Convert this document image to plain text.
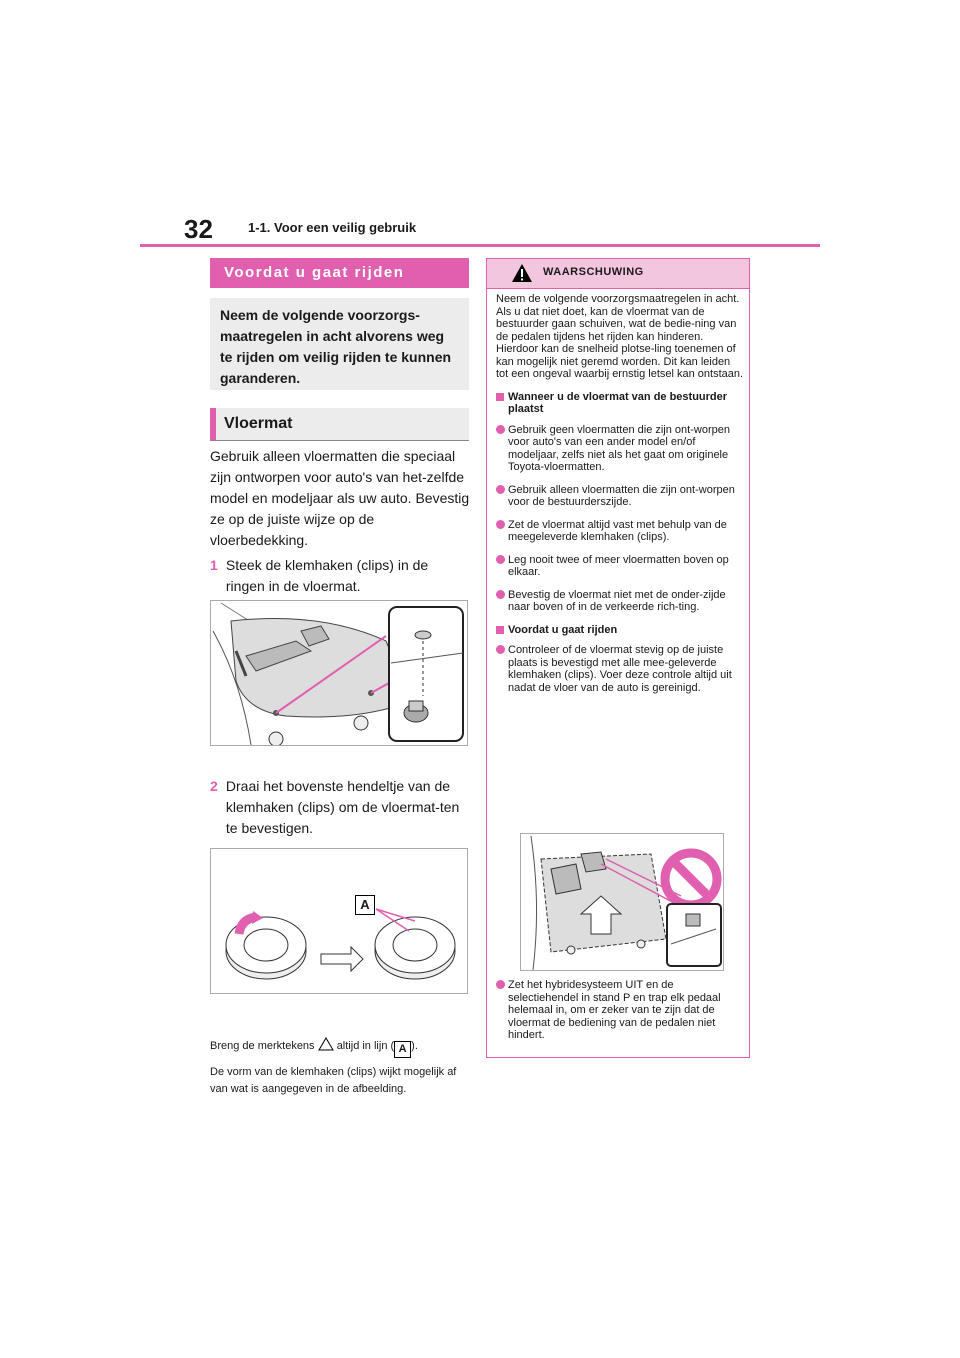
32	1-1. Voor een veilig gebruik
Voordat u gaat rijden
Neem de volgende voorzorgs-maatregelen in acht alvorens weg te rijden om veilig rijden te kunnen garanderen.
Vloermat
Gebruik alleen vloermatten die speciaal zijn ontworpen voor auto's van het-zelfde model en modeljaar als uw auto. Bevestig ze op de juiste wijze op de vloerbedekking.
1 Steek de klemhaken (clips) in de ringen in de vloermat.
2 Draai het bovenste hendeltje van de klemhaken (clips) om de vloermat-ten te bevestigen.
A

Breng de merktekens altijd in lijn ( A ).

De vorm van de klemhaken (clips) wijkt mogelijk af van wat is aangegeven in de afbeelding.

WAARSCHUWING

Neem de volgende voorzorgsmaatregelen in acht.
Als u dat niet doet, kan de vloermat van de bestuurder gaan schuiven, wat de bedie-ning van de pedalen tijdens het rijden kan hinderen. Hierdoor kan de snelheid plotse-ling toenemen of kan mogelijk niet geremd worden. Dit kan leiden tot een ongeval waarbij ernstig letsel kan ontstaan.

Wanneer u de vloermat van de bestuurder plaatst
Gebruik geen vloermatten die zijn ont-worpen voor auto's van een ander model en/of modeljaar, zelfs niet als het gaat om originele Toyota-vloermatten.
Gebruik alleen vloermatten die zijn ont-worpen voor de bestuurderszijde.
Zet de vloermat altijd vast met behulp van de meegeleverde klemhaken (clips).
Leg nooit twee of meer vloermatten boven op elkaar.
Bevestig de vloermat niet met de onder-zijde naar boven of in de verkeerde rich-ting.
Voordat u gaat rijden
Controleer of de vloermat stevig op de juiste plaats is bevestigd met alle mee-geleverde klemhaken (clips). Voer deze controle altijd uit nadat de vloer van de auto is gereinigd.
Zet het hybridesysteem UIT en de selectiehendel in stand P en trap elk pedaal helemaal in, om er zeker van te zijn dat de vloermat de bediening van de pedalen niet hindert.
